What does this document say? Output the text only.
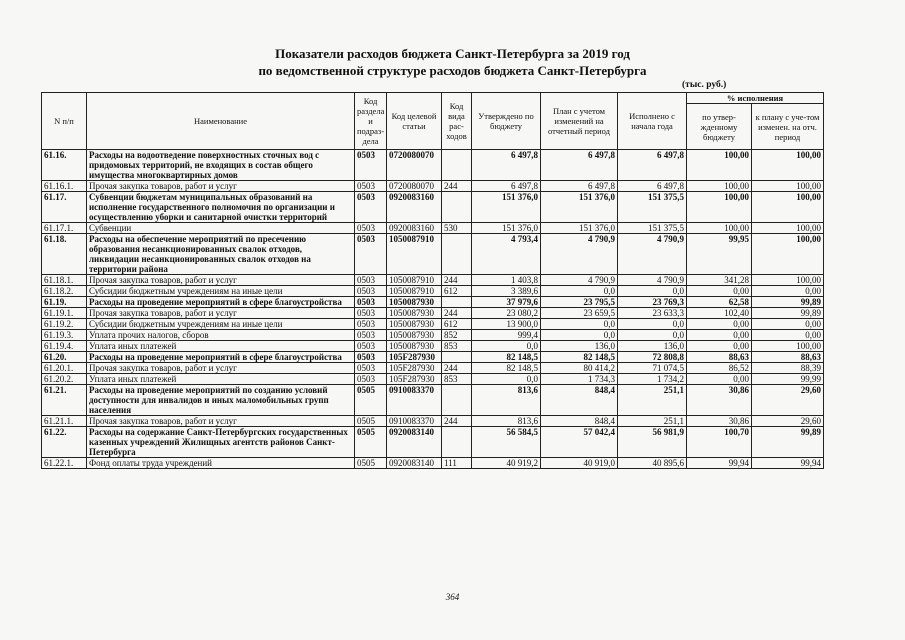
Показатели расходов бюджета Санкт-Петербурга за 2019 год
по ведомственной структуре расходов бюджета Санкт-Петербурга
(тыс. руб.)
N п/п	Наименование	Код раздела и подраз-дела	Код целевой статьи	Код вида рас-ходов	Утверждено по бюджету	План с учетом изменений на отчетный период	Исполнено с начала года	% исполнения	
								по утвер-жденному бюджету	к плану с уче-том изменен. на отч. период
61.16.	Расходы на водоотведение поверхностных сточных вод с придомовых территорий, не входящих в состав общего имущества многоквартирных домов	0503	0720080070		6 497,8	6 497,8	6 497,8	100,00	100,00
61.16.1.	Прочая закупка товаров, работ и услуг	0503	0720080070	244	6 497,8	6 497,8	6 497,8	100,00	100,00
61.17.	Субвенции бюджетам муниципальных образований на исполнение государственного полномочия по организации и осуществлению уборки и санитарной очистки территорий	0503	0920083160		151 376,0	151 376,0	151 375,5	100,00	100,00
61.17.1.	Субвенции	0503	0920083160	530	151 376,0	151 376,0	151 375,5	100,00	100,00
61.18.	Расходы на обеспечение мероприятий по пресечению образования несанкционированных свалок отходов, ликвидации несанкционированных свалок отходов на территории района	0503	1050087910		4 793,4	4 790,9	4 790,9	99,95	100,00
61.18.1.	Прочая закупка товаров, работ и услуг	0503	1050087910	244	1 403,8	4 790,9	4 790,9	341,28	100,00
61.18.2.	Субсидии бюджетным учреждениям на иные цели	0503	1050087910	612	3 389,6	0,0	0,0	0,00	0,00
61.19.	Расходы на проведение мероприятий в сфере благоустройства	0503	1050087930		37 979,6	23 795,5	23 769,3	62,58	99,89
61.19.1.	Прочая закупка товаров, работ и услуг	0503	1050087930	244	23 080,2	23 659,5	23 633,3	102,40	99,89
61.19.2.	Субсидии бюджетным учреждениям на иные цели	0503	1050087930	612	13 900,0	0,0	0,0	0,00	0,00
61.19.3.	Уплата прочих налогов, сборов	0503	1050087930	852	999,4	0,0	0,0	0,00	0,00
61.19.4.	Уплата иных платежей	0503	1050087930	853	0,0	136,0	136,0	0,00	100,00
61.20.	Расходы на проведение мероприятий в сфере благоустройства	0503	105F287930		82 148,5	82 148,5	72 808,8	88,63	88,63
61.20.1.	Прочая закупка товаров, работ и услуг	0503	105F287930	244	82 148,5	80 414,2	71 074,5	86,52	88,39
61.20.2.	Уплата иных платежей	0503	105F287930	853	0,0	1 734,3	1 734,2	0,00	99,99
61.21.	Расходы на проведение мероприятий по созданию условий доступности для инвалидов и иных маломобильных групп населения	0505	0910083370		813,6	848,4	251,1	30,86	29,60
61.21.1.	Прочая закупка товаров, работ и услуг	0505	0910083370	244	813,6	848,4	251,1	30,86	29,60
61.22.	Расходы на содержание Санкт-Петербургских государственных казенных учреждений Жилищных агентств районов Санкт-Петербурга	0505	0920083140		56 584,5	57 042,4	56 981,9	100,70	99,89
61.22.1.	Фонд оплаты труда учреждений	0505	0920083140	111	40 919,2	40 919,0	40 895,6	99,94	99,94
364
